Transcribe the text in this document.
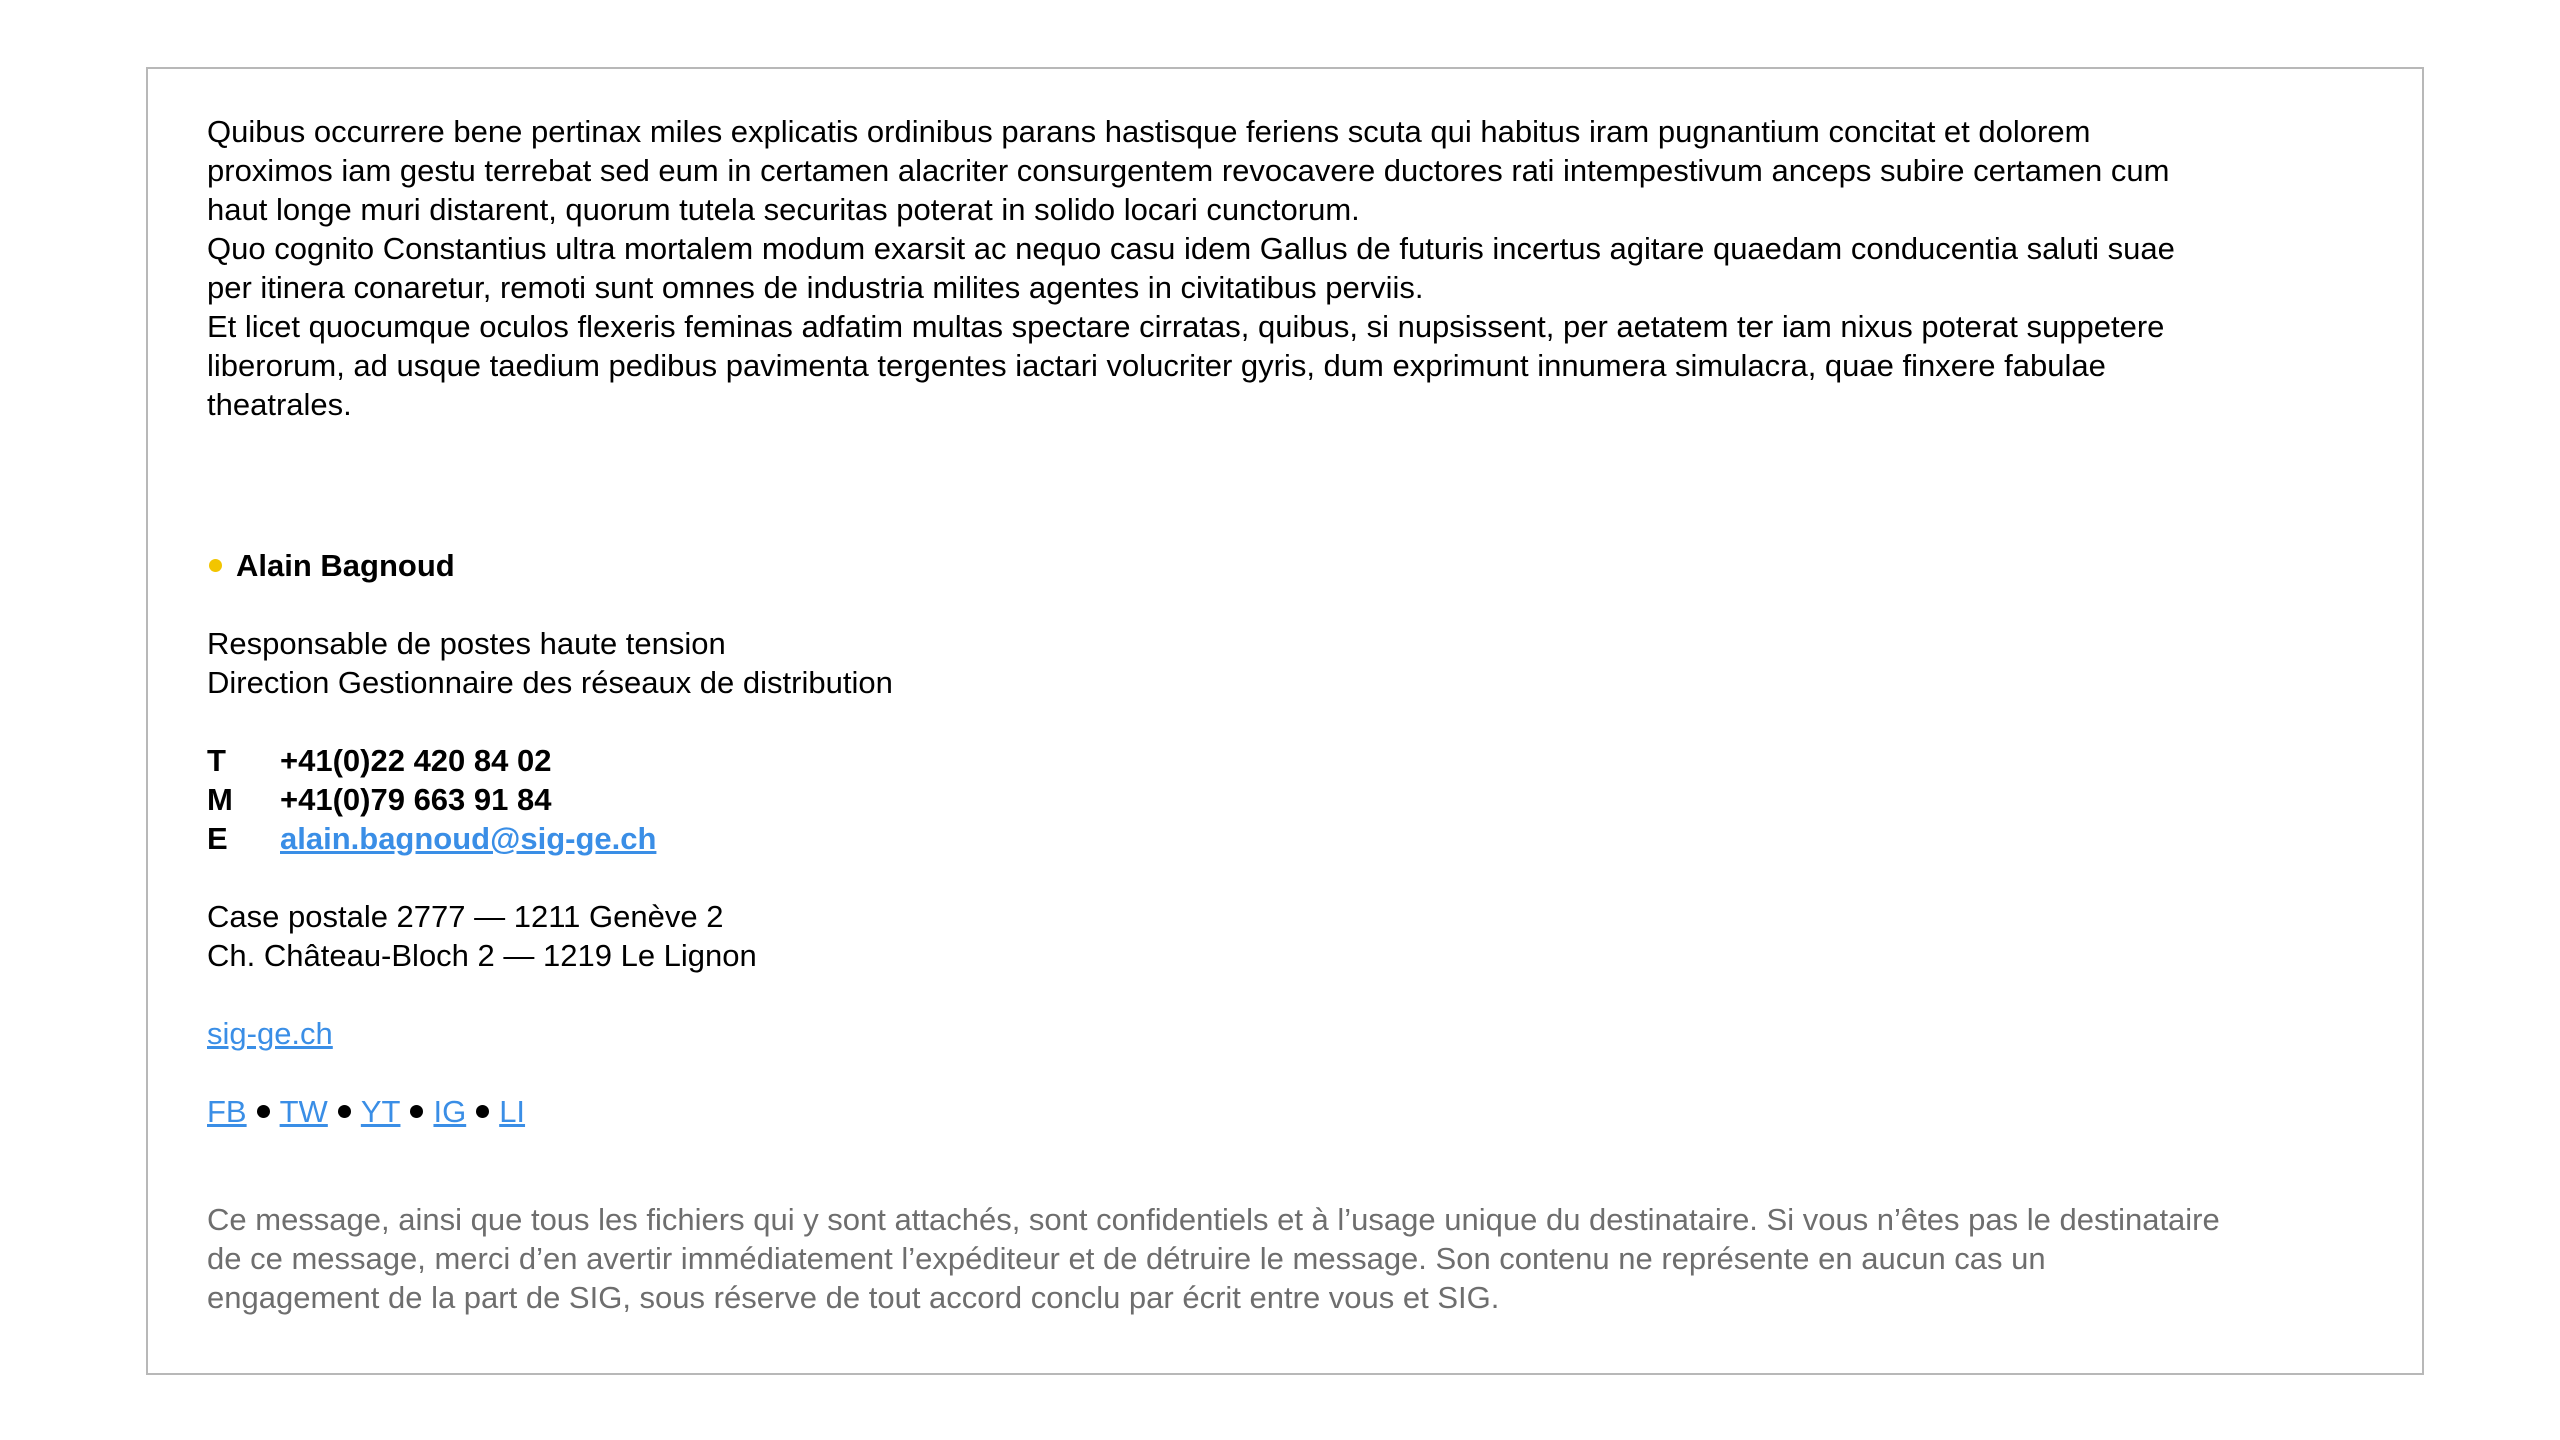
Quibus occurrere bene pertinax miles explicatis ordinibus parans hastisque feriens scuta qui habitus iram pugnantium concitat et dolorem
proximos iam gestu terrebat sed eum in certamen alacriter consurgentem revocavere ductores rati intempestivum anceps subire certamen cum
haut longe muri distarent, quorum tutela securitas poterat in solido locari cunctorum.

Quo cognito Constantius ultra mortalem modum exarsit ac nequo casu idem Gallus de futuris incertus agitare quaedam conducentia saluti suae
per itinera conaretur, remoti sunt omnes de industria milites agentes in civitatibus perviis.

Et licet quocumque oculos flexeris feminas adfatim multas spectare cirratas, quibus, si nupsissent, per aetatem ter iam nixus poterat suppetere
liberorum, ad usque taedium pedibus pavimenta tergentes iactari volucriter gyris, dum exprimunt innumera simulacra, quae finxere fabulae
theatrales.

Alain Bagnoud
Responsable de postes haute tension
Direction Gestionnaire des réseaux de distribution
T	+41(0)22 420 84 02
M	+41(0)79 663 91 84
E	alain.bagnoud@sig-ge.ch
Case postale 2777 — 1211 Genève 2
Ch. Château-Bloch 2 — 1219 Le Lignon
sig-ge.ch
FB TW YT IG LI
Ce message, ainsi que tous les fichiers qui y sont attachés, sont confidentiels et à l’usage unique du destinataire. Si vous n’êtes pas le destinataire
de ce message, merci d’en avertir immédiatement l’expéditeur et de détruire le message. Son contenu ne représente en aucun cas un
engagement de la part de SIG, sous réserve de tout accord conclu par écrit entre vous et SIG.
